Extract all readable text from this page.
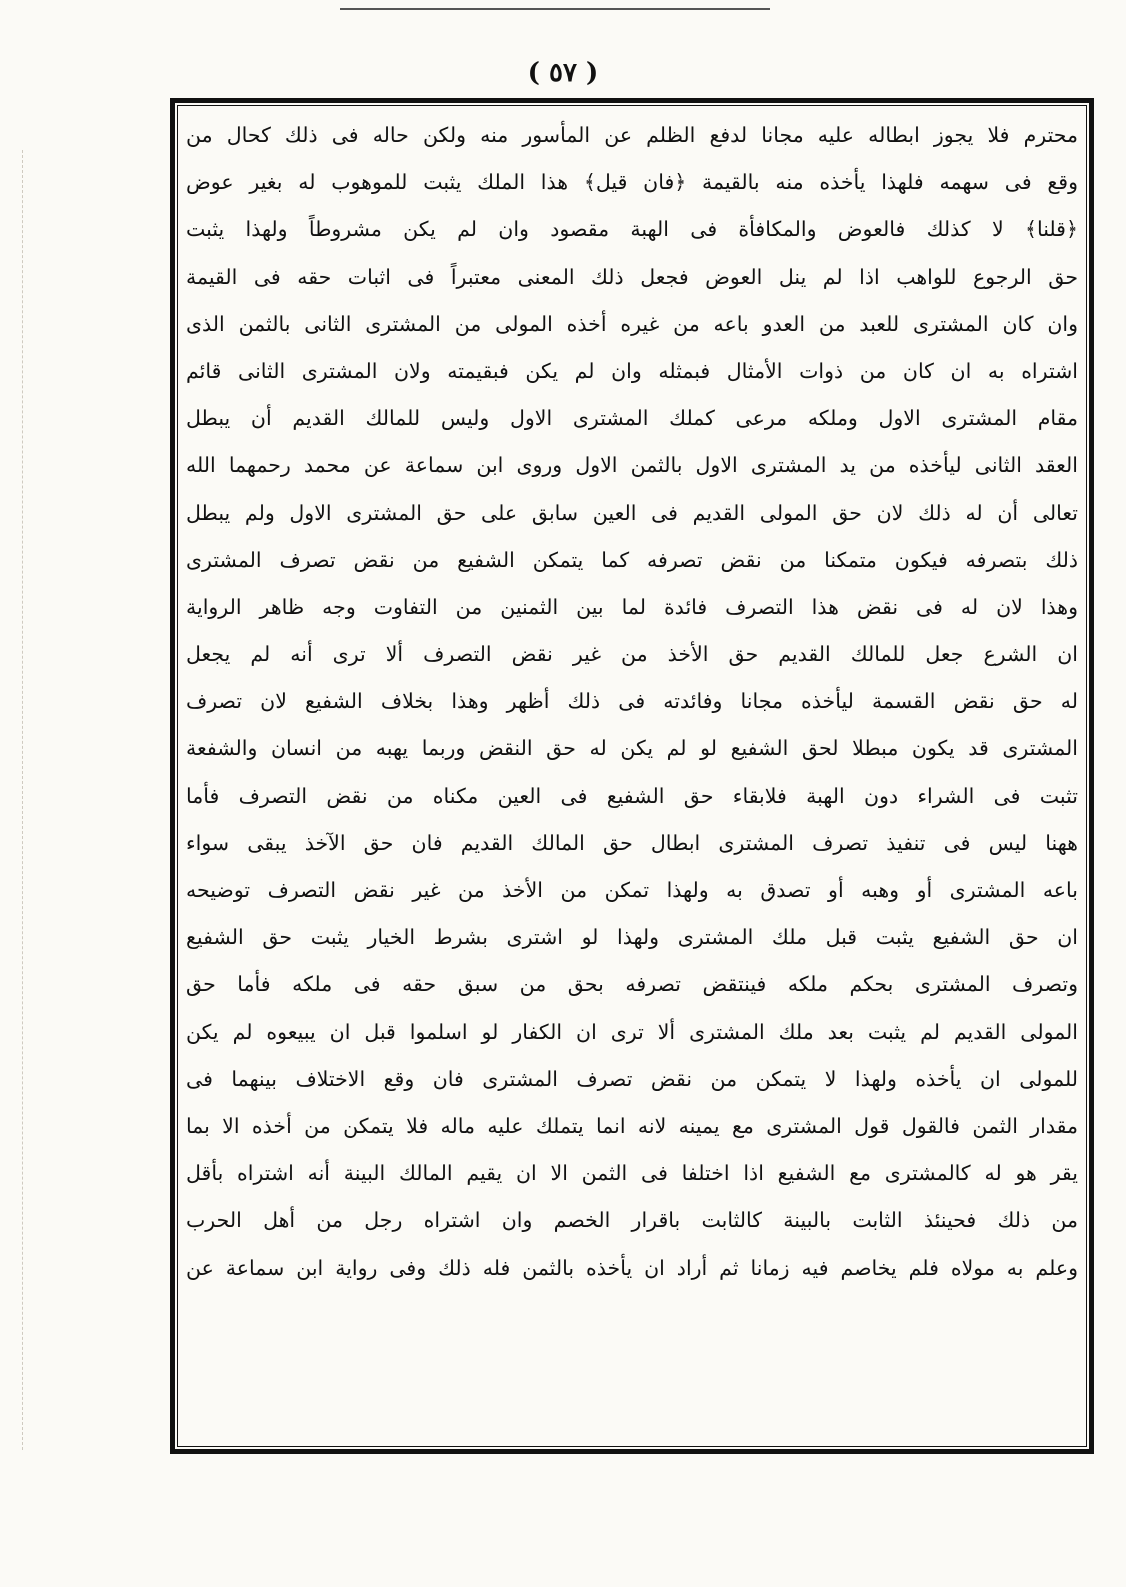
( ٥٧ )
محترم فلا يجوز ابطاله عليه مجانا لدفع الظلم عن المأسور منه ولكن حاله فى ذلك كحال من
وقع فى سهمه فلهذا يأخذه منه بالقيمة ﴿فان قيل﴾ هذا الملك يثبت للموهوب له بغير عوض
﴿قلنا﴾ لا كذلك فالعوض والمكافأة فى الهبة مقصود وان لم يكن مشروطاً ولهذا يثبت
حق الرجوع للواهب اذا لم ينل العوض فجعل ذلك المعنى معتبراً فى اثبات حقه فى القيمة
وان كان المشترى للعبد من العدو باعه من غيره أخذه المولى من المشترى الثانى بالثمن الذى
اشتراه به ان كان من ذوات الأمثال فبمثله وان لم يكن فبقيمته ولان المشترى الثانى قائم
مقام المشترى الاول وملكه مرعى كملك المشترى الاول وليس للمالك القديم أن يبطل
العقد الثانى ليأخذه من يد المشترى الاول بالثمن الاول وروى ابن سماعة عن محمد رحمهما الله
تعالى أن له ذلك لان حق المولى القديم فى العين سابق على حق المشترى الاول ولم يبطل
ذلك بتصرفه فيكون متمكنا من نقض تصرفه كما يتمكن الشفيع من نقض تصرف المشترى
وهذا لان له فى نقض هذا التصرف فائدة لما بين الثمنين من التفاوت وجه ظاهر الرواية
ان الشرع جعل للمالك القديم حق الأخذ من غير نقض التصرف ألا ترى أنه لم يجعل
له حق نقض القسمة ليأخذه مجانا وفائدته فى ذلك أظهر وهذا بخلاف الشفيع لان تصرف
المشترى قد يكون مبطلا لحق الشفيع لو لم يكن له حق النقض وربما يهبه من انسان والشفعة
تثبت فى الشراء دون الهبة فلابقاء حق الشفيع فى العين مكناه من نقض التصرف فأما
ههنا ليس فى تنفيذ تصرف المشترى ابطال حق المالك القديم فان حق الآخذ يبقى سواء
باعه المشترى أو وهبه أو تصدق به ولهذا تمكن من الأخذ من غير نقض التصرف توضيحه
ان حق الشفيع يثبت قبل ملك المشترى ولهذا لو اشترى بشرط الخيار يثبت حق الشفيع
وتصرف المشترى بحكم ملكه فينتقض تصرفه بحق من سبق حقه فى ملكه فأما حق
المولى القديم لم يثبت بعد ملك المشترى ألا ترى ان الكفار لو اسلموا قبل ان يبيعوه لم يكن
للمولى ان يأخذه ولهذا لا يتمكن من نقض تصرف المشترى فان وقع الاختلاف بينهما فى
مقدار الثمن فالقول قول المشترى مع يمينه لانه انما يتملك عليه ماله فلا يتمكن من أخذه الا بما
يقر هو له كالمشترى مع الشفيع اذا اختلفا فى الثمن الا ان يقيم المالك البينة أنه اشتراه بأقل
من ذلك فحينئذ الثابت بالبينة كالثابت باقرار الخصم وان اشتراه رجل من أهل الحرب
وعلم به مولاه فلم يخاصم فيه زمانا ثم أراد ان يأخذه بالثمن فله ذلك وفى رواية ابن سماعة عن
